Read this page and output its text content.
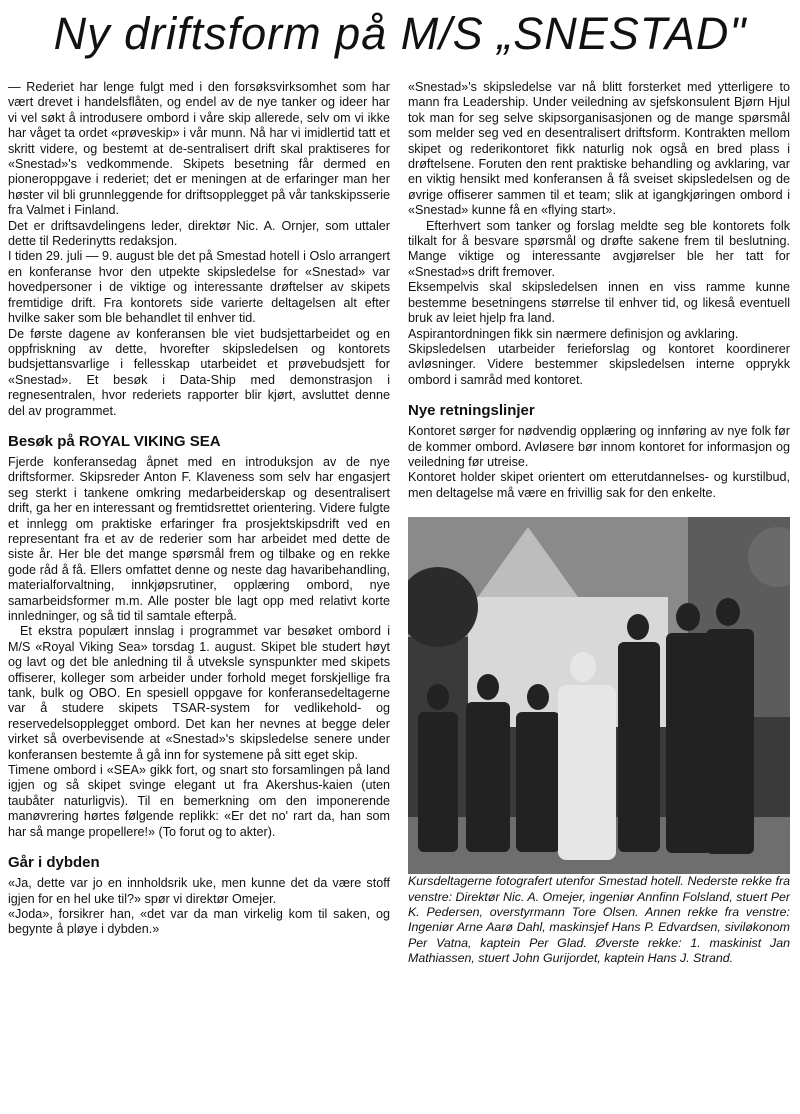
Ny driftsform på M/S „SNESTAD"

— Rederiet har lenge fulgt med i den forsøksvirksomhet som har vært drevet i handelsflåten, og endel av de nye tanker og ideer har vi vel søkt å introdusere ombord i våre skip allerede, selv om vi ikke har våget ta ordet «prøveskip» i vår munn. Nå har vi imidlertid tatt et skritt videre, og bestemt at de-sentralisert drift skal praktiseres for «Snestad»'s vedkommende. Skipets besetning får dermed en pioneroppgave i rederiet; det er meningen at de erfaringer man her høster vil bli grunnleggende for driftsopplegget på vår tankskipsserie fra Valmet i Finland.

Det er driftsavdelingens leder, direktør Nic. A. Ornjer, som uttaler dette til Rederinytts redaksjon.

I tiden 29. juli — 9. august ble det på Smestad hotell i Oslo arrangert en konferanse hvor den utpekte skipsledelse for «Snestad» var hovedpersoner i de viktige og interessante drøftelser av skipets fremtidige drift. Fra kontorets side varierte deltagelsen alt efter hvilke saker som ble behandlet til enhver tid.

De første dagene av konferansen ble viet budsjettarbeidet og en oppfriskning av dette, hvorefter skipsledelsen og kontorets budsjettansvarlige i fellesskap utarbeidet et prøvebudsjett for «Snestad». Et besøk i Data-Ship med demonstrasjon i regnesentralen, hvor rederiets rapporter blir kjørt, avsluttet denne del av programmet.

Besøk på ROYAL VIKING SEA

Fjerde konferansedag åpnet med en introduksjon av de nye driftsformer. Skipsreder Anton F. Klaveness som selv har engasjert seg sterkt i tankene omkring medarbeiderskap og desentralisert drift, ga her en interessant og fremtidsrettet orientering. Videre fulgte et innlegg om praktiske erfaringer fra prosjektskipsdrift ved en representant fra et av de rederier som har arbeidet med dette de siste år. Her ble det mange spørsmål frem og tilbake og en rekke gode råd å få. Ellers omfattet denne og neste dag havaribehandling, materialforvaltning, innkjøpsrutiner, opplæring ombord, nye samarbeidsformer m.m. Alle poster ble lagt opp med relativt korte innledninger, og så tid til samtale efterpå.

Et ekstra populært innslag i programmet var besøket ombord i M/S «Royal Viking Sea» torsdag 1. august. Skipet ble studert høyt og lavt og det ble anledning til å utveksle synspunkter med skipets offiserer, kolleger som arbeider under forhold meget forskjellige fra tank, bulk og OBO. En spesiell oppgave for konferansedeltagerne var å studere skipets TSAR-system for vedlikehold- og reservedelsopplegget ombord. Det kan her nevnes at begge deler virket så overbevisende at «Snestad»'s skipsledelse senere under konferansen bestemte å gå inn for systemene på sitt eget skip.

Timene ombord i «SEA» gikk fort, og snart sto forsamlingen på land igjen og så skipet svinge elegant ut fra Akershus-kaien (uten taubåter naturligvis). Til en bemerkning om den imponerende manøvrering hørtes følgende replikk: «Er det no' rart da, han som har så mange propellere!» (To forut og to akter).

Går i dybden

«Ja, dette var jo en innholdsrik uke, men kunne det da være stoff igjen for en hel uke til?» spør vi direktør Omejer.

«Joda», forsikrer han, «det var da man virkelig kom til saken, og begynte å pløye i dybden.»

«Snestad»'s skipsledelse var nå blitt forsterket med ytterligere to mann fra Leadership. Under veiledning av sjefskonsulent Bjørn Hjul tok man for seg selve skipsorganisasjonen og de mange spørsmål som melder seg ved en desentralisert driftsform. Kontrakten mellom skipet og rederikontoret fikk naturlig nok også en bred plass i drøftelsene. Foruten den rent praktiske behandling og avklaring, var en viktig hensikt med konferansen å få sveiset skipsledelsen og de øvrige offiserer sammen til et team; slik at igangkjøringen ombord i «Snestad» kunne få en «flying start».

Efterhvert som tanker og forslag meldte seg ble kontorets folk tilkalt for å besvare spørsmål og drøfte sakene frem til beslutning. Mange viktige og interessante avgjørelser ble her tatt for «Snestad»s drift fremover.

Eksempelvis skal skipsledelsen innen en viss ramme kunne bestemme besetningens størrelse til enhver tid, og likeså eventuell bruk av leiet hjelp fra land.

Aspirantordningen fikk sin nærmere definisjon og avklaring.

Skipsledelsen utarbeider ferieforslag og kontoret koordinerer avløsninger. Videre bestemmer skipsledelsen interne opprykk ombord i samråd med kontoret.

Nye retningslinjer

Kontoret sørger for nødvendig opplæring og innføring av nye folk før de kommer ombord. Avløsere bør innom kontoret for informasjon og veiledning før utreise.

Kontoret holder skipet orientert om etterutdannelses- og kurstilbud, men deltagelse må være en frivillig sak for den enkelte.

Kursdeltagerne fotografert utenfor Smestad hotell. Nederste rekke fra venstre: Direktør Nic. A. Omejer, ingeniør Annfinn Folsland, stuert Per K. Pedersen, overstyrmann Tore Olsen. Annen rekke fra venstre: Ingeniør Arne Aarø Dahl, maskinsjef Hans P. Edvardsen, siviløkonom Per Vatna, kaptein Per Glad. Øverste rekke: 1. maskinist Jan Mathiassen, stuert John Gurijordet, kaptein Hans J. Strand.
